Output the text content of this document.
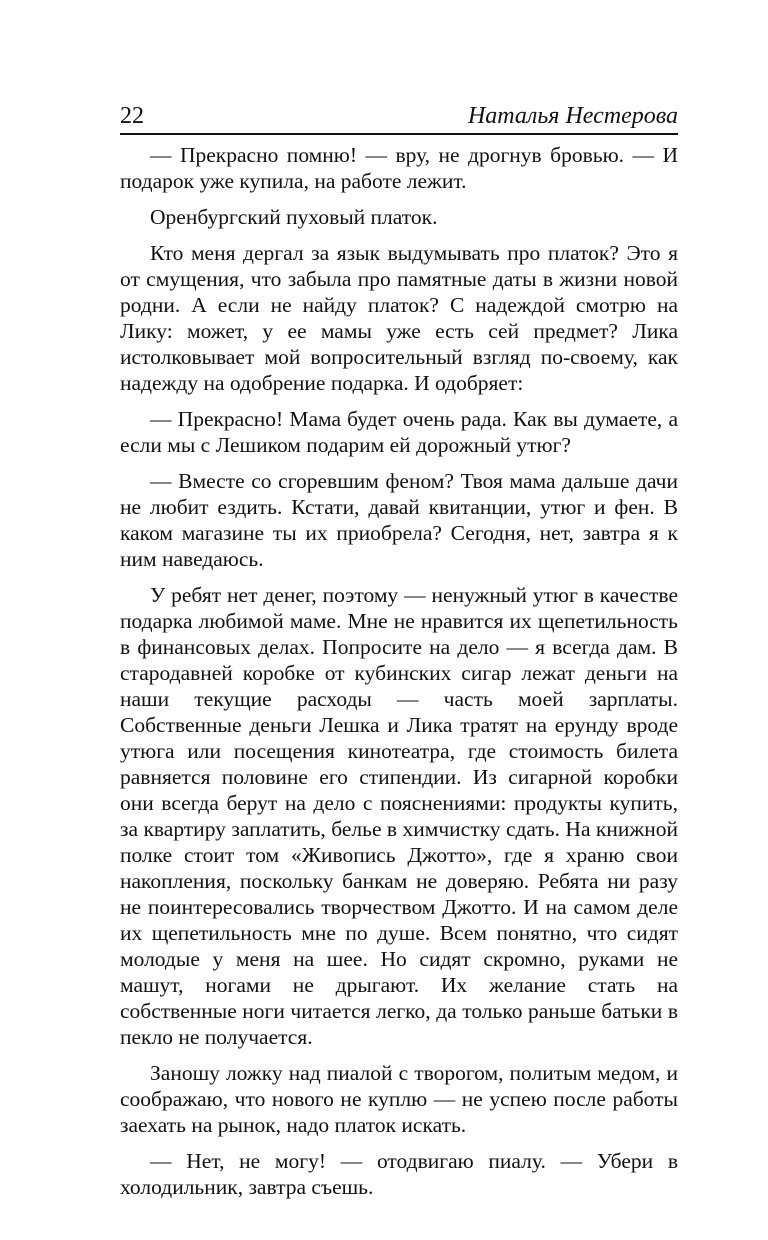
22	Наталья Нестерова

— Прекрасно помню! — вру, не дрогнув бровью. — И подарок уже купила, на работе лежит.

Оренбургский пуховый платок.

Кто меня дергал за язык выдумывать про платок? Это я от смущения, что забыла про памятные даты в жизни новой родни. А если не найду платок? С надеждой смотрю на Лику: может, у ее мамы уже есть сей предмет? Лика истолковывает мой вопросительный взгляд по-своему, как надежду на одобрение подарка. И одобряет:

— Прекрасно! Мама будет очень рада. Как вы думаете, а если мы с Лешиком подарим ей дорожный утюг?

— Вместе со сгоревшим феном? Твоя мама дальше дачи не любит ездить. Кстати, давай квитанции, утюг и фен. В каком магазине ты их приобрела? Сегодня, нет, завтра я к ним наведаюсь.

У ребят нет денег, поэтому — ненужный утюг в качестве подарка любимой маме. Мне не нравится их щепетильность в финансовых делах. Попросите на дело — я всегда дам. В стародавней коробке от кубинских сигар лежат деньги на наши текущие расходы — часть моей зарплаты. Собственные деньги Лешка и Лика тратят на ерунду вроде утюга или посещения кинотеатра, где стоимость билета равняется половине его стипендии. Из сигарной коробки они всегда берут на дело с пояснениями: продукты купить, за квартиру заплатить, белье в химчистку сдать. На книжной полке стоит том «Живопись Джотто», где я храню свои накопления, поскольку банкам не доверяю. Ребята ни разу не поинтересовались творчеством Джотто. И на самом деле их щепетильность мне по душе. Всем понятно, что сидят молодые у меня на шее. Но сидят скромно, руками не машут, ногами не дрыгают. Их желание стать на собственные ноги читается легко, да только раньше батьки в пекло не получается.

Заношу ложку над пиалой с творогом, политым медом, и соображаю, что нового не куплю — не успею после работы заехать на рынок, надо платок искать.

— Нет, не могу! — отодвигаю пиалу. — Убери в холодильник, завтра съешь.
